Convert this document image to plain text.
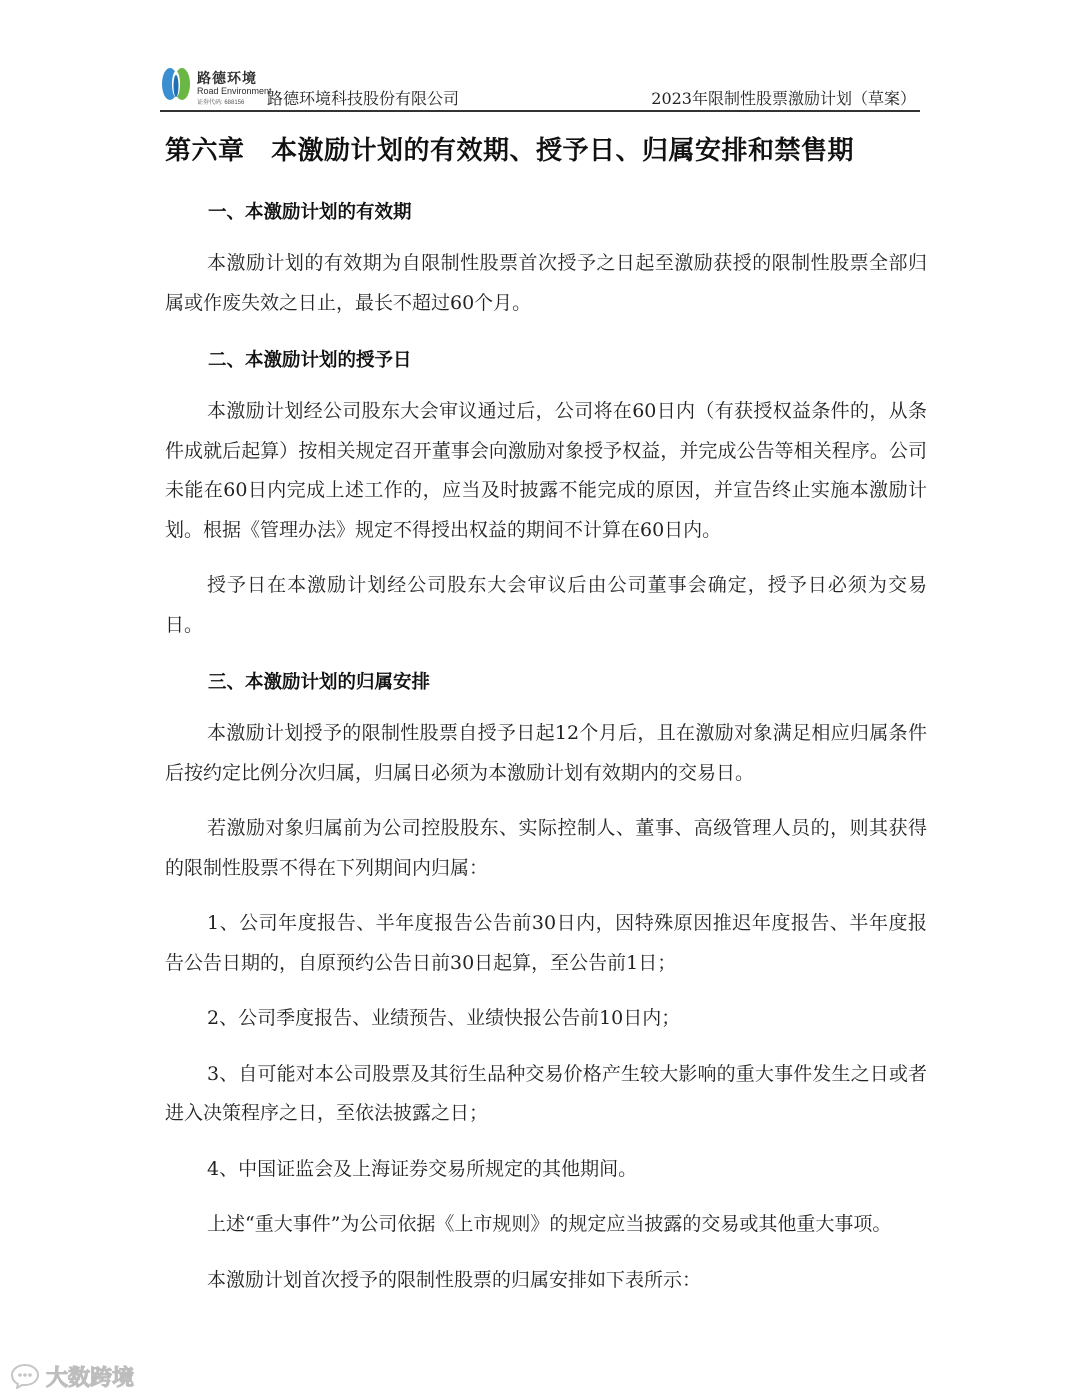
路德环境
Road Environment
证券代码: 688156 路德环境科技股份有限公司	2023年限制性股票激励计划（草案）
第六章　本激励计划的有效期、授予日、归属安排和禁售期
一、本激励计划的有效期
本激励计划的有效期为自限制性股票首次授予之日起至激励获授的限制性股票全部归属或作废失效之日止，最长不超过60个月。
二、本激励计划的授予日
本激励计划经公司股东大会审议通过后，公司将在60日内（有获授权益条件的，从条件成就后起算）按相关规定召开董事会向激励对象授予权益，并完成公告等相关程序。公司未能在60日内完成上述工作的，应当及时披露不能完成的原因，并宣告终止实施本激励计划。根据《管理办法》规定不得授出权益的期间不计算在60日内。
授予日在本激励计划经公司股东大会审议后由公司董事会确定，授予日必须为交易日。
三、本激励计划的归属安排
本激励计划授予的限制性股票自授予日起12个月后，且在激励对象满足相应归属条件后按约定比例分次归属，归属日必须为本激励计划有效期内的交易日。
若激励对象归属前为公司控股股东、实际控制人、董事、高级管理人员的，则其获得的限制性股票不得在下列期间内归属：
1、公司年度报告、半年度报告公告前30日内，因特殊原因推迟年度报告、半年度报告公告日期的，自原预约公告日前30日起算，至公告前1日；
2、公司季度报告、业绩预告、业绩快报公告前10日内；
3、自可能对本公司股票及其衍生品种交易价格产生较大影响的重大事件发生之日或者进入决策程序之日，至依法披露之日；
4、中国证监会及上海证券交易所规定的其他期间。
上述“重大事件”为公司依据《上市规则》的规定应当披露的交易或其他重大事项。
本激励计划首次授予的限制性股票的归属安排如下表所示：
大数跨境
